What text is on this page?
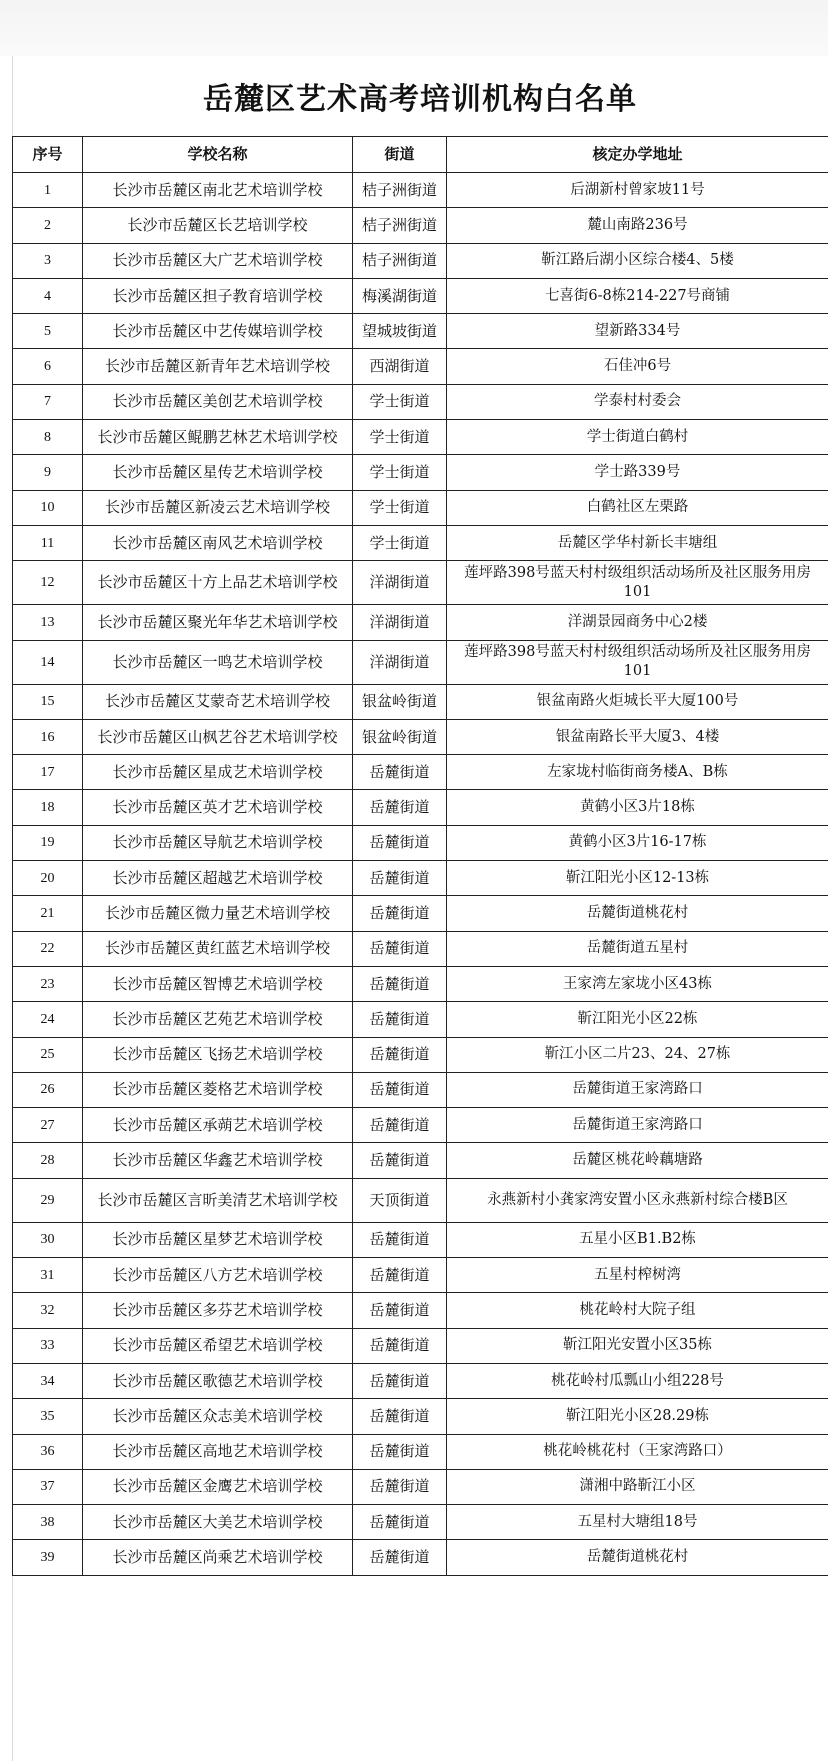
岳麓区艺术高考培训机构白名单
序号	学校名称	街道	核定办学地址
1	长沙市岳麓区南北艺术培训学校	桔子洲街道	后湖新村曾家坡11号
2	长沙市岳麓区长艺培训学校	桔子洲街道	麓山南路236号
3	长沙市岳麓区大广艺术培训学校	桔子洲街道	靳江路后湖小区综合楼4、5楼
4	长沙市岳麓区担子教育培训学校	梅溪湖街道	七喜街6-8栋214-227号商铺
5	长沙市岳麓区中艺传媒培训学校	望城坡街道	望新路334号
6	长沙市岳麓区新青年艺术培训学校	西湖街道	石佳冲6号
7	长沙市岳麓区美创艺术培训学校	学士街道	学泰村村委会
8	长沙市岳麓区鲲鹏艺林艺术培训学校	学士街道	学士街道白鹤村
9	长沙市岳麓区星传艺术培训学校	学士街道	学士路339号
10	长沙市岳麓区新凌云艺术培训学校	学士街道	白鹤社区左栗路
11	长沙市岳麓区南风艺术培训学校	学士街道	岳麓区学华村新长丰塘组
12	长沙市岳麓区十方上品艺术培训学校	洋湖街道	莲坪路398号蓝天村村级组织活动场所及社区服务用房101
13	长沙市岳麓区聚光年华艺术培训学校	洋湖街道	洋湖景园商务中心2楼
14	长沙市岳麓区一鸣艺术培训学校	洋湖街道	莲坪路398号蓝天村村级组织活动场所及社区服务用房101
15	长沙市岳麓区艾蒙奇艺术培训学校	银盆岭街道	银盆南路火炬城长平大厦100号
16	长沙市岳麓区山枫艺谷艺术培训学校	银盆岭街道	银盆南路长平大厦3、4楼
17	长沙市岳麓区星成艺术培训学校	岳麓街道	左家垅村临街商务楼A、B栋
18	长沙市岳麓区英才艺术培训学校	岳麓街道	黄鹤小区3片18栋
19	长沙市岳麓区导航艺术培训学校	岳麓街道	黄鹤小区3片16-17栋
20	长沙市岳麓区超越艺术培训学校	岳麓街道	靳江阳光小区12-13栋
21	长沙市岳麓区微力量艺术培训学校	岳麓街道	岳麓街道桃花村
22	长沙市岳麓区黄红蓝艺术培训学校	岳麓街道	岳麓街道五星村
23	长沙市岳麓区智博艺术培训学校	岳麓街道	王家湾左家垅小区43栋
24	长沙市岳麓区艺苑艺术培训学校	岳麓街道	靳江阳光小区22栋
25	长沙市岳麓区飞扬艺术培训学校	岳麓街道	靳江小区二片23、24、27栋
26	长沙市岳麓区菱格艺术培训学校	岳麓街道	岳麓街道王家湾路口
27	长沙市岳麓区承蒴艺术培训学校	岳麓街道	岳麓街道王家湾路口
28	长沙市岳麓区华鑫艺术培训学校	岳麓街道	岳麓区桃花岭藕塘路
29	长沙市岳麓区言昕美清艺术培训学校	天顶街道	永燕新村小龚家湾安置小区永燕新村综合楼B区
30	长沙市岳麓区星梦艺术培训学校	岳麓街道	五星小区B1.B2栋
31	长沙市岳麓区八方艺术培训学校	岳麓街道	五星村榨树湾
32	长沙市岳麓区多芬艺术培训学校	岳麓街道	桃花岭村大院子组
33	长沙市岳麓区希望艺术培训学校	岳麓街道	靳江阳光安置小区35栋
34	长沙市岳麓区歌德艺术培训学校	岳麓街道	桃花岭村瓜瓢山小组228号
35	长沙市岳麓区众志美术培训学校	岳麓街道	靳江阳光小区28.29栋
36	长沙市岳麓区高地艺术培训学校	岳麓街道	桃花岭桃花村（王家湾路口）
37	长沙市岳麓区金鹰艺术培训学校	岳麓街道	潇湘中路靳江小区
38	长沙市岳麓区大美艺术培训学校	岳麓街道	五星村大塘组18号
39	长沙市岳麓区尚乘艺术培训学校	岳麓街道	岳麓街道桃花村
